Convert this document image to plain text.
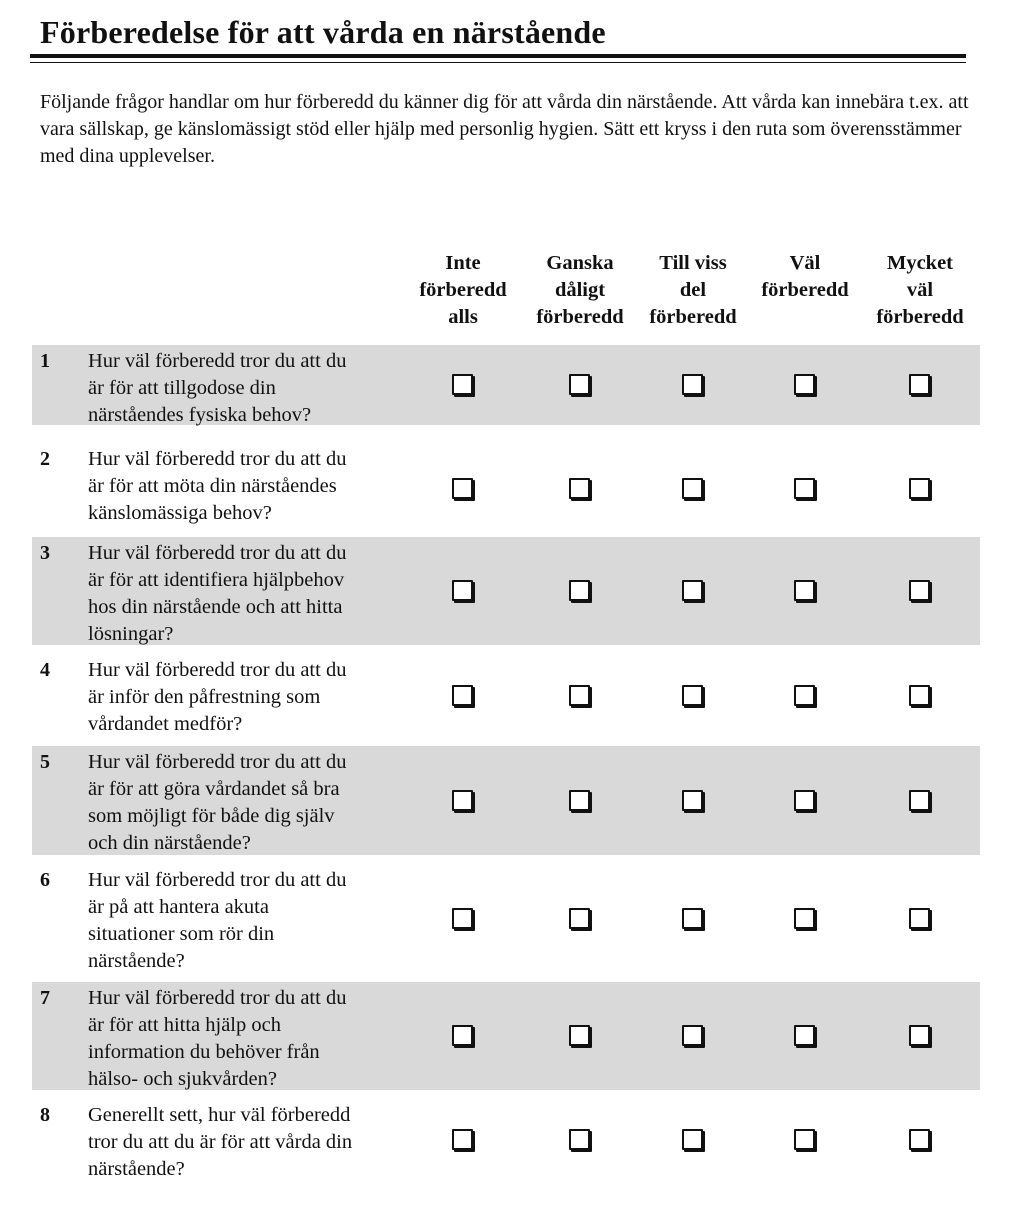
Förberedelse för att vårda en närstående

Följande frågor handlar om hur förberedd du känner dig för att vårda din närstående. Att vårda kan innebära t.ex. att vara sällskap, ge känslomässigt stöd eller hjälp med personlig hygien. Sätt ett kryss i den ruta som överensstämmer med dina upplevelser.

Inte
förberedd
alls
Ganska
dåligt
förberedd
Till viss
del
förberedd
Väl
förberedd
Mycket
väl
förberedd
1 Hur väl förberedd tror du att du
är för att tillgodose din
närståendes fysiska behov?
2 Hur väl förberedd tror du att du
är för att möta din närståendes
känslomässiga behov?
3 Hur väl förberedd tror du att du
är för att identifiera hjälpbehov
hos din närstående och att hitta
lösningar?
4 Hur väl förberedd tror du att du
är inför den påfrestning som
vårdandet medför?
5 Hur väl förberedd tror du att du
är för att göra vårdandet så bra
som möjligt för både dig själv
och din närstående?
6 Hur väl förberedd tror du att du
är på att hantera akuta
situationer som rör din
närstående?
7 Hur väl förberedd tror du att du
är för att hitta hjälp och
information du behöver från
hälso- och sjukvården?
8 Generellt sett, hur väl förberedd
tror du att du är för att vårda din
närstående?
